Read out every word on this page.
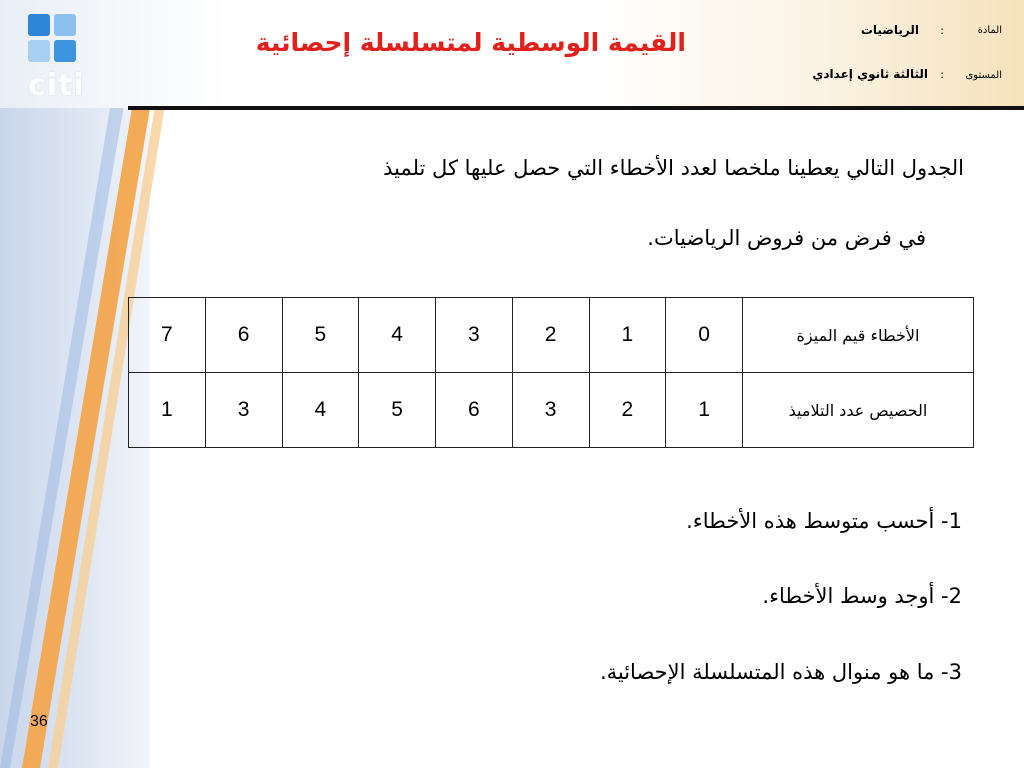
citi
القيمة الوسطية لمتسلسلة إحصائية	المادة
:
الرياضيات
المستوى
:
الثالثة ثانوي إعدادي
الجدول التالي يعطينا ملخصا لعدد الأخطاء التي حصل عليها كل تلميذ
في فرض من فروض الرياضيات.
7	6	5	4	3	2	1	0	الأخطاء قيم الميزة
1	3	4	5	6	3	2	1	الحصيص عدد التلاميذ
1- أحسب متوسط هذه الأخطاء.
2- أوجد وسط الأخطاء.
3- ما هو منوال هذه المتسلسلة الإحصائية.
36
